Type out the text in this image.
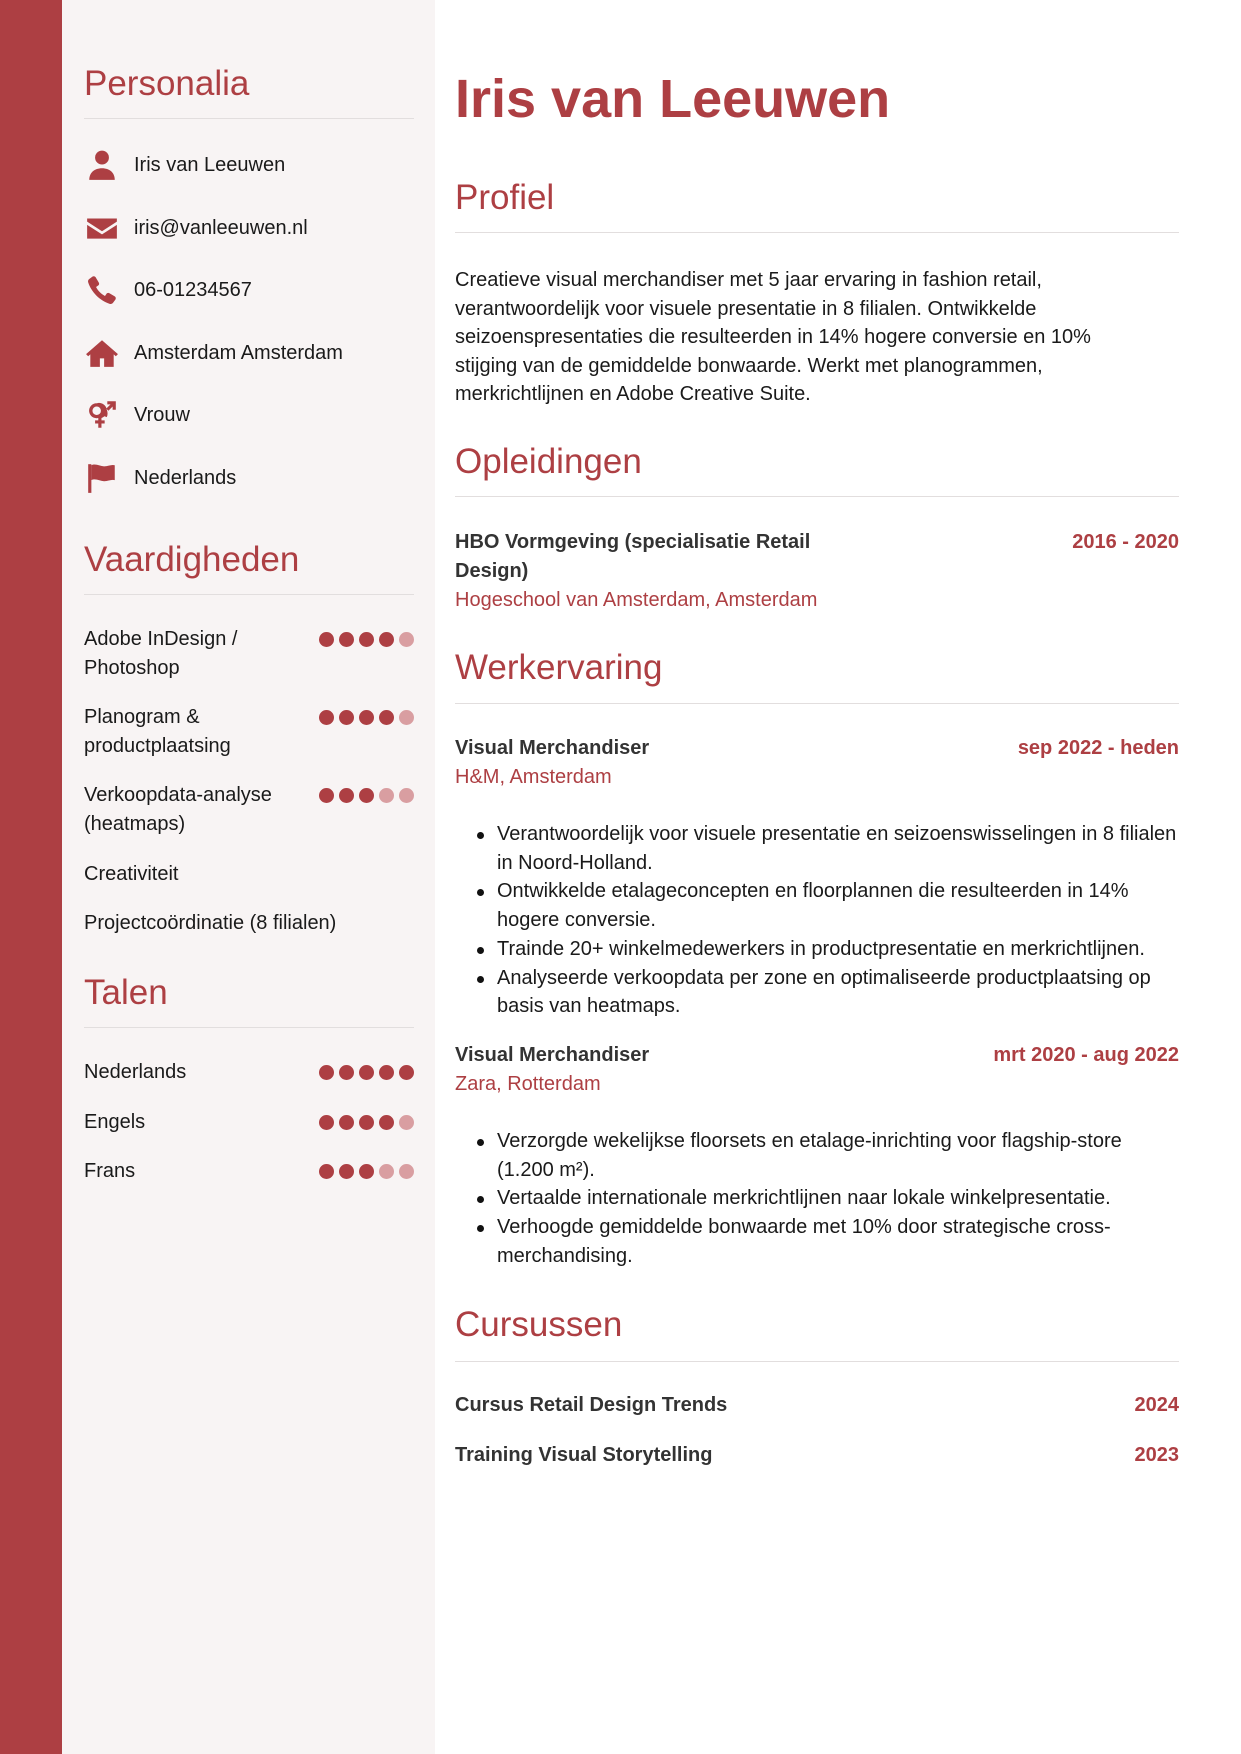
Personalia
Iris van Leeuwen
iris@vanleeuwen.nl
06-01234567
Amsterdam Amsterdam
Vrouw
Nederlands
Vaardigheden
Adobe InDesign / Photoshop
Planogram & productplaatsing
Verkoopdata-analyse (heatmaps)
Creativiteit
Projectcoördinatie (8 filialen)
Talen
Nederlands
Engels
Frans
Iris van Leeuwen
Profiel

Creatieve visual merchandiser met 5 jaar ervaring in fashion retail, verantwoordelijk voor visuele presentatie in 8 filialen. Ontwikkelde seizoenspresentaties die resulteerden in 14% hogere conversie en 10% stijging van de gemiddelde bonwaarde. Werkt met planogrammen, merkrichtlijnen en Adobe Creative Suite.

Opleidingen
HBO Vormgeving (specialisatie Retail Design)
2016 - 2020
Hogeschool van Amsterdam, Amsterdam
Werkervaring
Visual Merchandiser	sep 2022 - heden
H&M, Amsterdam
Verantwoordelijk voor visuele presentatie en seizoenswisselingen in 8 filialen in Noord-Holland.
Ontwikkelde etalageconcepten en floorplannen die resulteerden in 14% hogere conversie.
Trainde 20+ winkelmedewerkers in productpresentatie en merkrichtlijnen.
Analyseerde verkoopdata per zone en optimaliseerde productplaatsing op basis van heatmaps.
Visual Merchandiser	mrt 2020 - aug 2022
Zara, Rotterdam
Verzorgde wekelijkse floorsets en etalage-inrichting voor flagship-store (1.200 m²).
Vertaalde internationale merkrichtlijnen naar lokale winkelpresentatie.
Verhoogde gemiddelde bonwaarde met 10% door strategische cross-merchandising.
Cursussen
Cursus Retail Design Trends	2024
Training Visual Storytelling	2023
